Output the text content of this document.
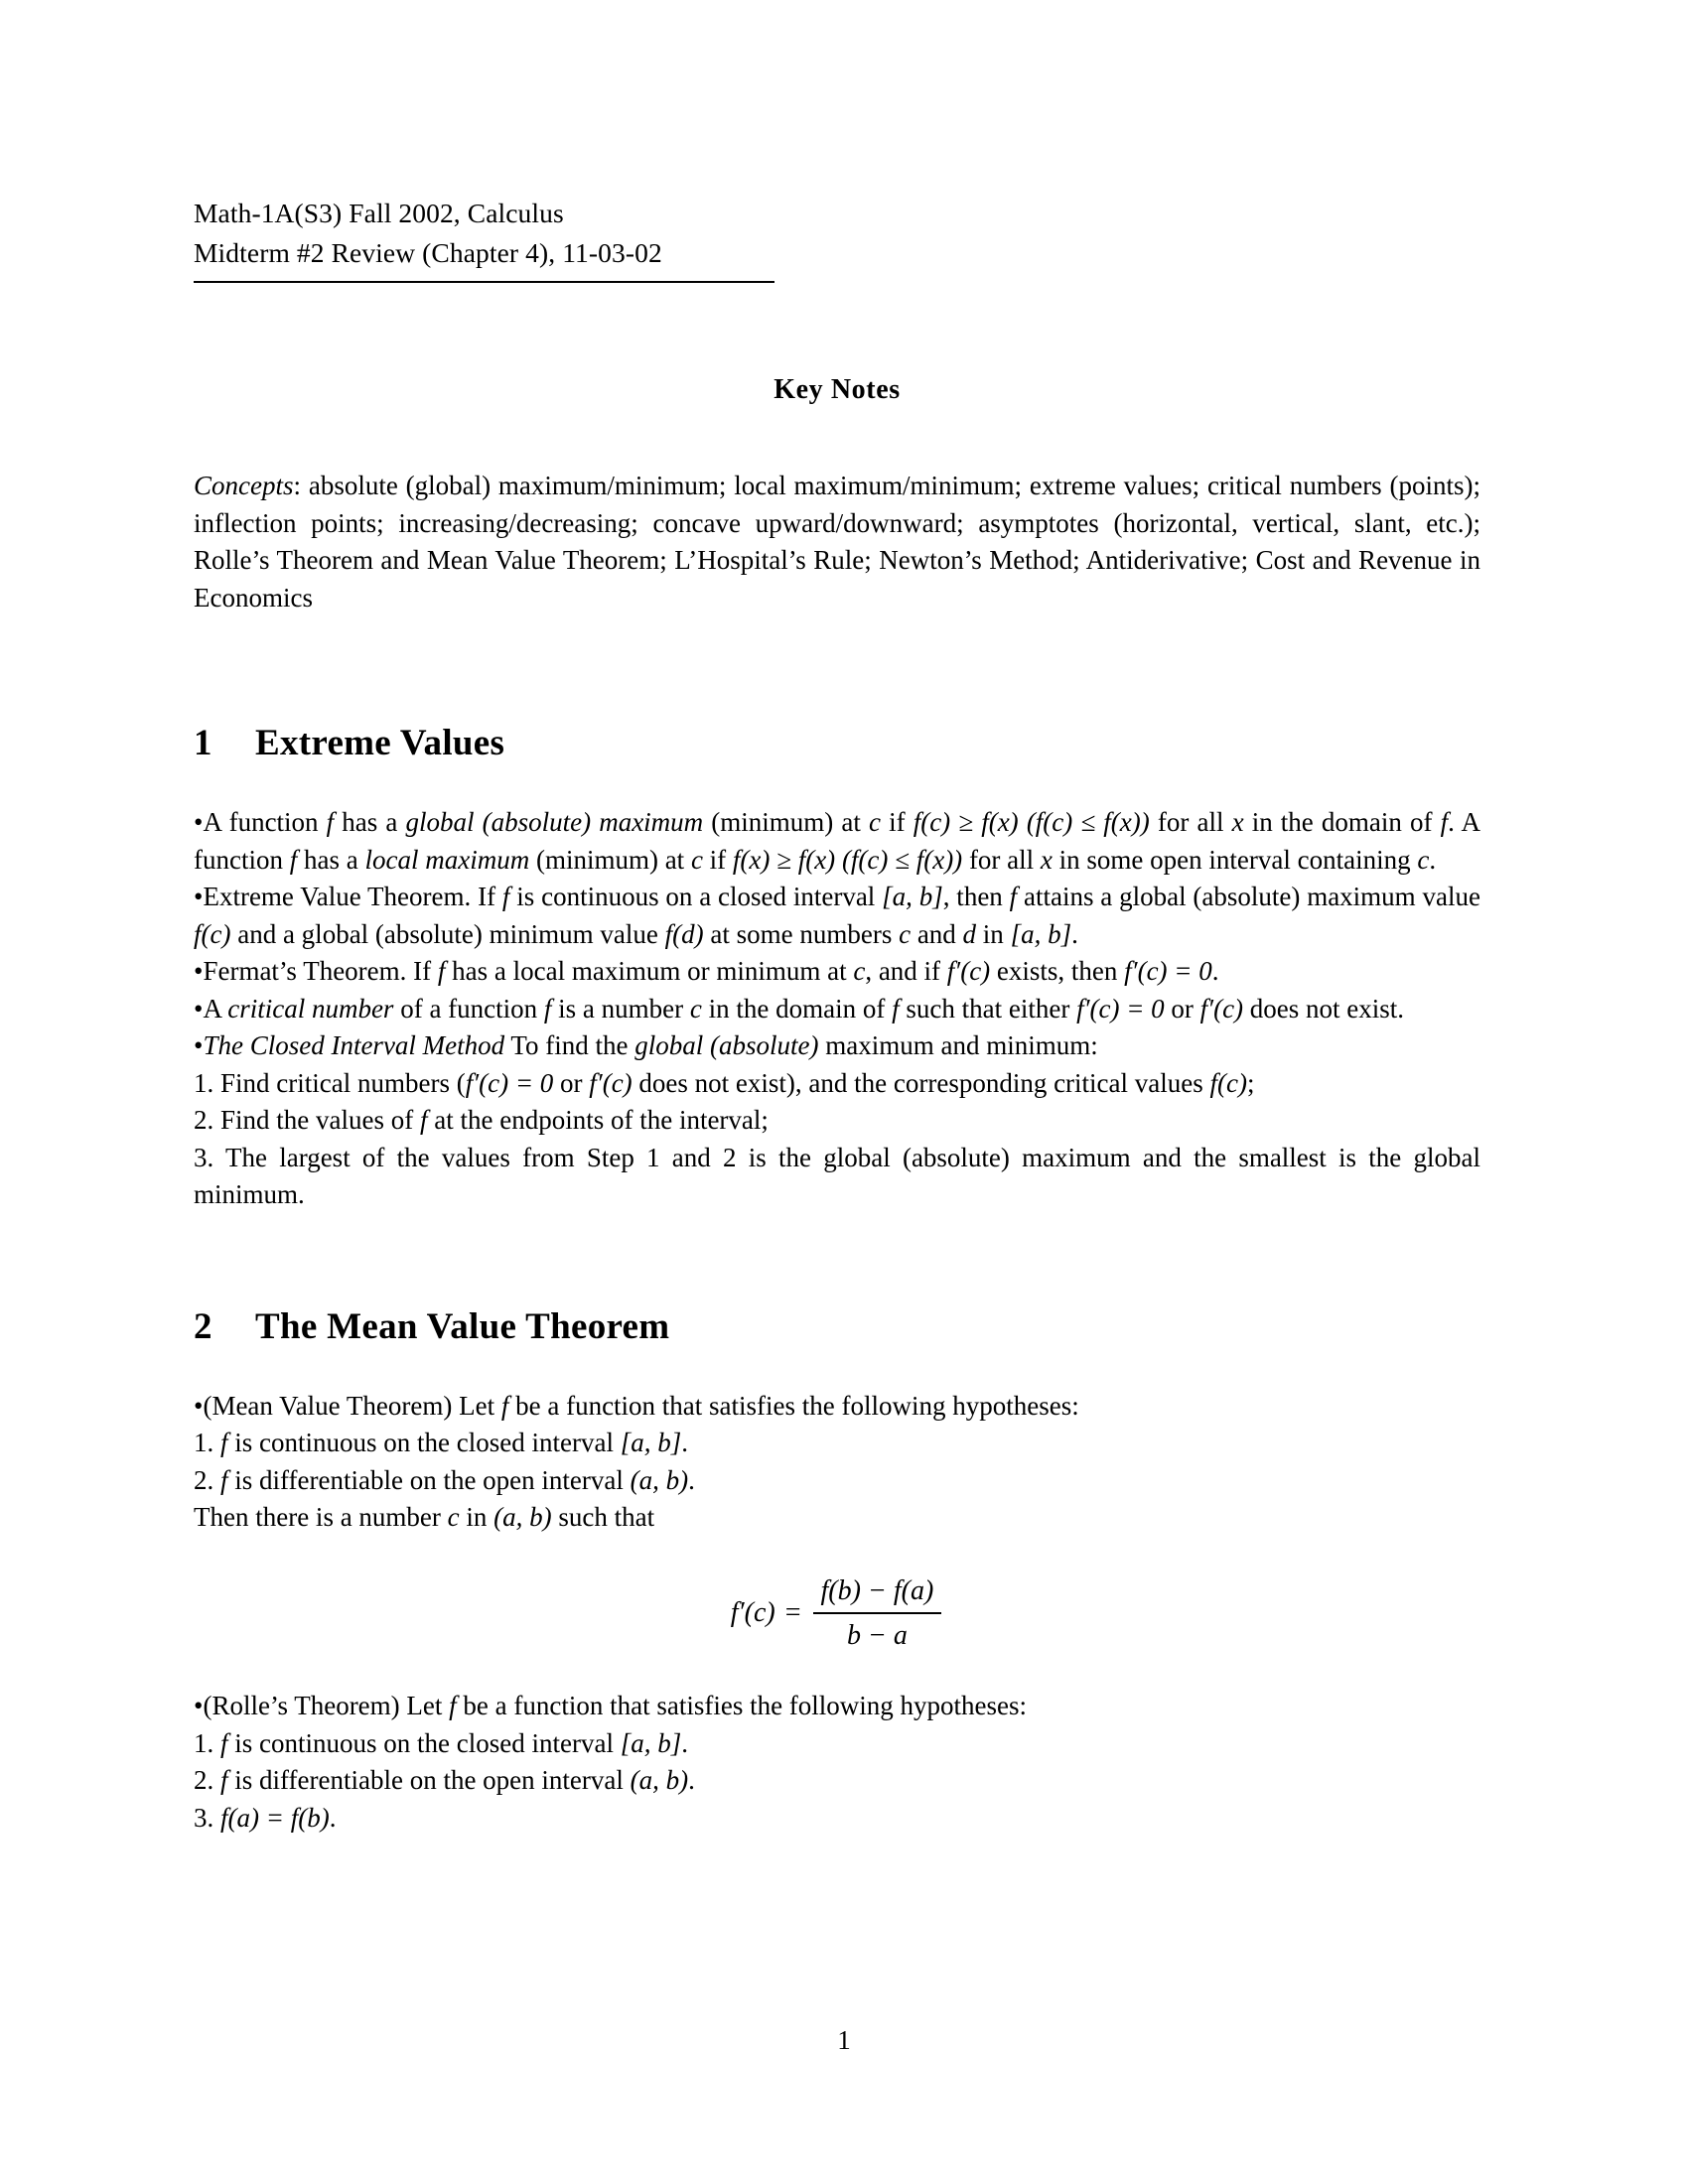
Math-1A(S3) Fall 2002, Calculus
Midterm #2 Review (Chapter 4), 11-03-02
Key Notes
Concepts: absolute (global) maximum/minimum; local maximum/minimum; extreme values; critical numbers (points); inflection points; increasing/decreasing; concave upward/downward; asymptotes (horizontal, vertical, slant, etc.); Rolle’s Theorem and Mean Value Theorem; L’Hospital’s Rule; Newton’s Method; Antiderivative; Cost and Revenue in Economics
1	Extreme Values
•A function f has a global (absolute) maximum (minimum) at c if f(c) ≥ f(x) (f(c) ≤ f(x)) for all x in the domain of f. A function f has a local maximum (minimum) at c if f(x) ≥ f(x) (f(c) ≤ f(x)) for all x in some open interval containing c.
•Extreme Value Theorem. If f is continuous on a closed interval [a, b], then f attains a global (absolute) maximum value f(c) and a global (absolute) minimum value f(d) at some numbers c and d in [a, b].
•Fermat’s Theorem. If f has a local maximum or minimum at c, and if f′(c) exists, then f′(c) = 0.
•A critical number of a function f is a number c in the domain of f such that either f′(c) = 0 or f′(c) does not exist.
•The Closed Interval Method To find the global (absolute) maximum and minimum:
1. Find critical numbers (f′(c) = 0 or f′(c) does not exist), and the corresponding critical values f(c);
2. Find the values of f at the endpoints of the interval;
3. The largest of the values from Step 1 and 2 is the global (absolute) maximum and the smallest is the global minimum.
2	The Mean Value Theorem
•(Mean Value Theorem) Let f be a function that satisfies the following hypotheses:
1. f is continuous on the closed interval [a, b].
2. f is differentiable on the open interval (a, b).
Then there is a number c in (a, b) such that
$f'(c) = \frac{f(b) - f(a)}{b - a}$
•(Rolle’s Theorem) Let f be a function that satisfies the following hypotheses:
1. f is continuous on the closed interval [a, b].
2. f is differentiable on the open interval (a, b).
3. f(a) = f(b).
1
